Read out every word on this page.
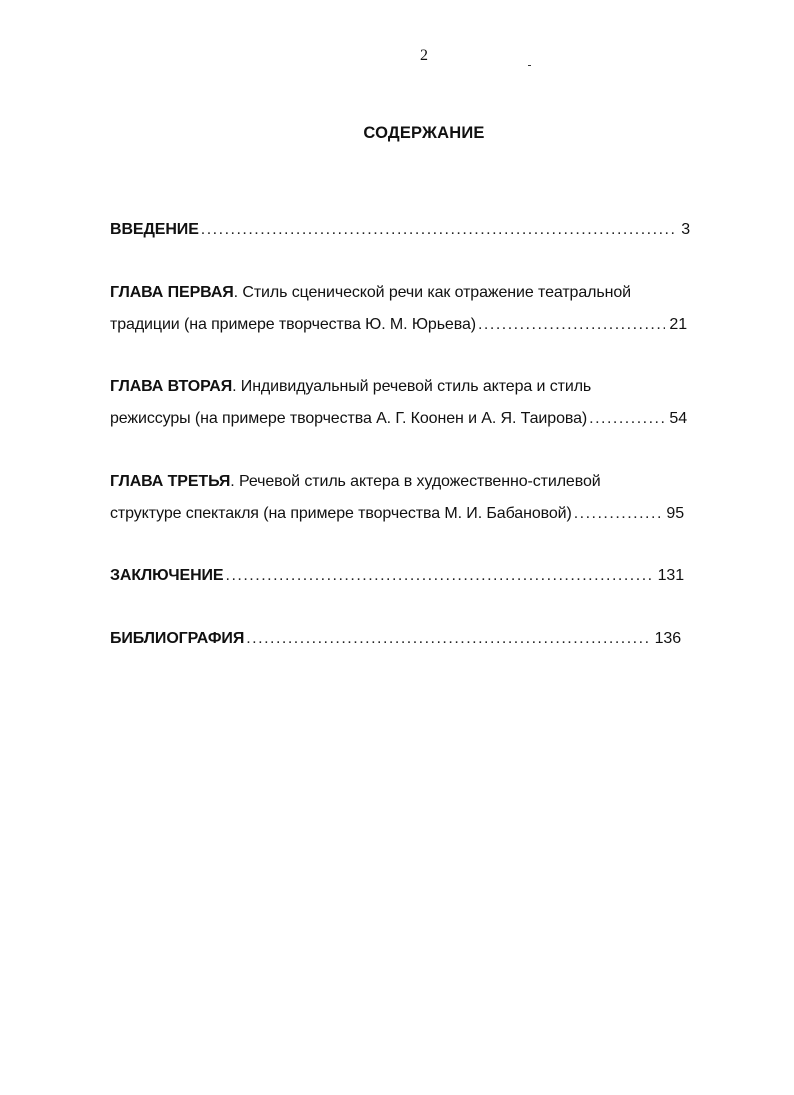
2
СОДЕРЖАНИЕ
ВВЕДЕНИЕ .....	3
ГЛАВА ПЕРВАЯ. Стиль сценической речи как отражение театральной
традиции (на примере творчества Ю. М. Юрьева) .....	21
ГЛАВА ВТОРАЯ. Индивидуальный речевой стиль актера и стиль
режиссуры (на примере творчества А. Г. Коонен и А. Я. Таирова) .....	54
ГЛАВА ТРЕТЬЯ. Речевой стиль актера в художественно-стилевой
структуре спектакля (на примере творчества М. И. Бабановой) .....	95
ЗАКЛЮЧЕНИЕ .....	131
БИБЛИОГРАФИЯ .....	136
